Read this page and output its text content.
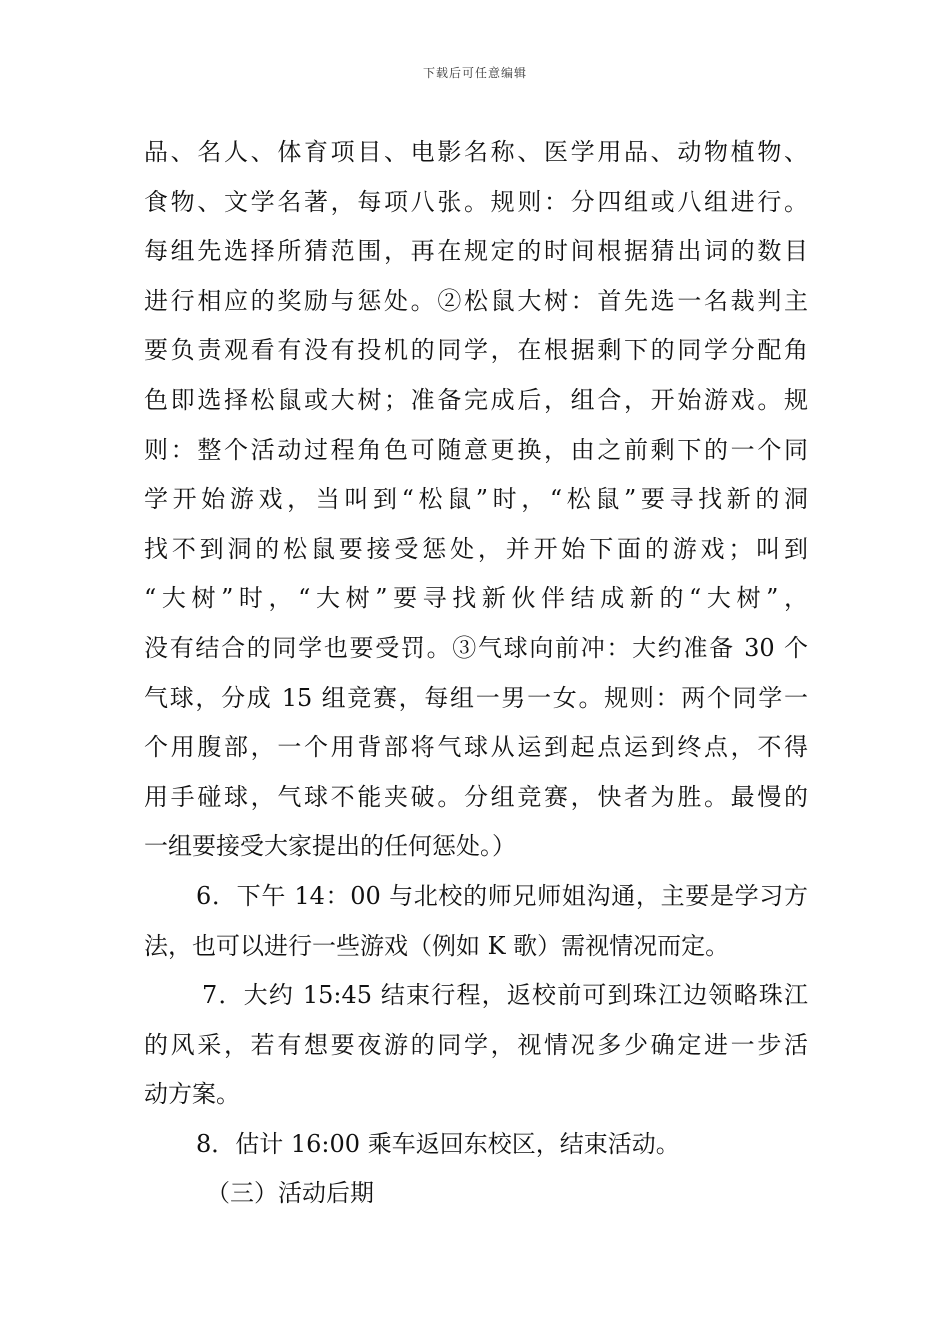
下载后可任意编辑
品、名人、体育项目、电影名称、医学用品、动物植物、
食物、文学名著，每项八张。规则：分四组或八组进行。
每组先选择所猜范围，再在规定的时间根据猜出词的数目
进行相应的奖励与惩处。②松鼠大树：首先选一名裁判主
要负责观看有没有投机的同学，在根据剩下的同学分配角
色即选择松鼠或大树；准备完成后，组合，开始游戏。规
则：整个活动过程角色可随意更换，由之前剩下的一个同
学开始游戏，当叫到“松鼠”时，“松鼠”要寻找新的洞
找不到洞的松鼠要接受惩处，并开始下面的游戏；叫到
“大树”时，“大树”要寻找新伙伴结成新的“大树”，
没有结合的同学也要受罚。③气球向前冲：大约准备 30 个
气球，分成 15 组竞赛，每组一男一女。规则：两个同学一
个用腹部，一个用背部将气球从运到起点运到终点，不得
用手碰球，气球不能夹破。分组竞赛，快者为胜。最慢的
一组要接受大家提出的任何惩处。）
6．下午 14：00 与北校的师兄师姐沟通，主要是学习方
法，也可以进行一些游戏（例如 K 歌）需视情况而定。
7．大约 15:45 结束行程，返校前可到珠江边领略珠江
的风采，若有想要夜游的同学，视情况多少确定进一步活
动方案。
8．估计 16:00 乘车返回东校区，结束活动。
（三）活动后期
